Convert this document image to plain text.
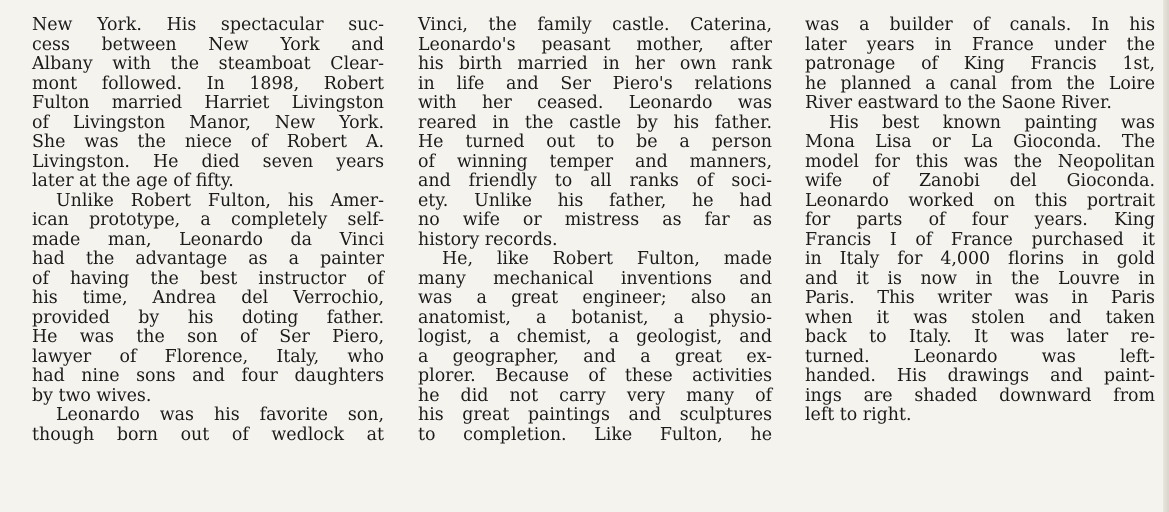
New York. His spectacular suc-
cess between New York and
Albany with the steamboat Clear-
mont followed. In 1898, Robert
Fulton married Harriet Livingston
of Livingston Manor, New York.
She was the niece of Robert A.
Livingston. He died seven years
later at the age of fifty.
Unlike Robert Fulton, his Amer-
ican prototype, a completely self-
made man, Leonardo da Vinci
had the advantage as a painter
of having the best instructor of
his time, Andrea del Verrochio,
provided by his doting father.
He was the son of Ser Piero,
lawyer of Florence, Italy, who
had nine sons and four daughters
by two wives.
Leonardo was his favorite son,
though born out of wedlock at
Vinci, the family castle. Caterina,
Leonardo's peasant mother, after
his birth married in her own rank
in life and Ser Piero's relations
with her ceased. Leonardo was
reared in the castle by his father.
He turned out to be a person
of winning temper and manners,
and friendly to all ranks of soci-
ety. Unlike his father, he had
no wife or mistress as far as
history records.
He, like Robert Fulton, made
many mechanical inventions and
was a great engineer; also an
anatomist, a botanist, a physio-
logist, a chemist, a geologist, and
a geographer, and a great ex-
plorer. Because of these activities
he did not carry very many of
his great paintings and sculptures
to completion. Like Fulton, he
was a builder of canals. In his
later years in France under the
patronage of King Francis 1st,
he planned a canal from the Loire
River eastward to the Saone River.
His best known painting was
Mona Lisa or La Gioconda. The
model for this was the Neopolitan
wife of Zanobi del Gioconda.
Leonardo worked on this portrait
for parts of four years. King
Francis I of France purchased it
in Italy for 4,000 florins in gold
and it is now in the Louvre in
Paris. This writer was in Paris
when it was stolen and taken
back to Italy. It was later re-
turned. Leonardo was left-
handed. His drawings and paint-
ings are shaded downward from
left to right.
